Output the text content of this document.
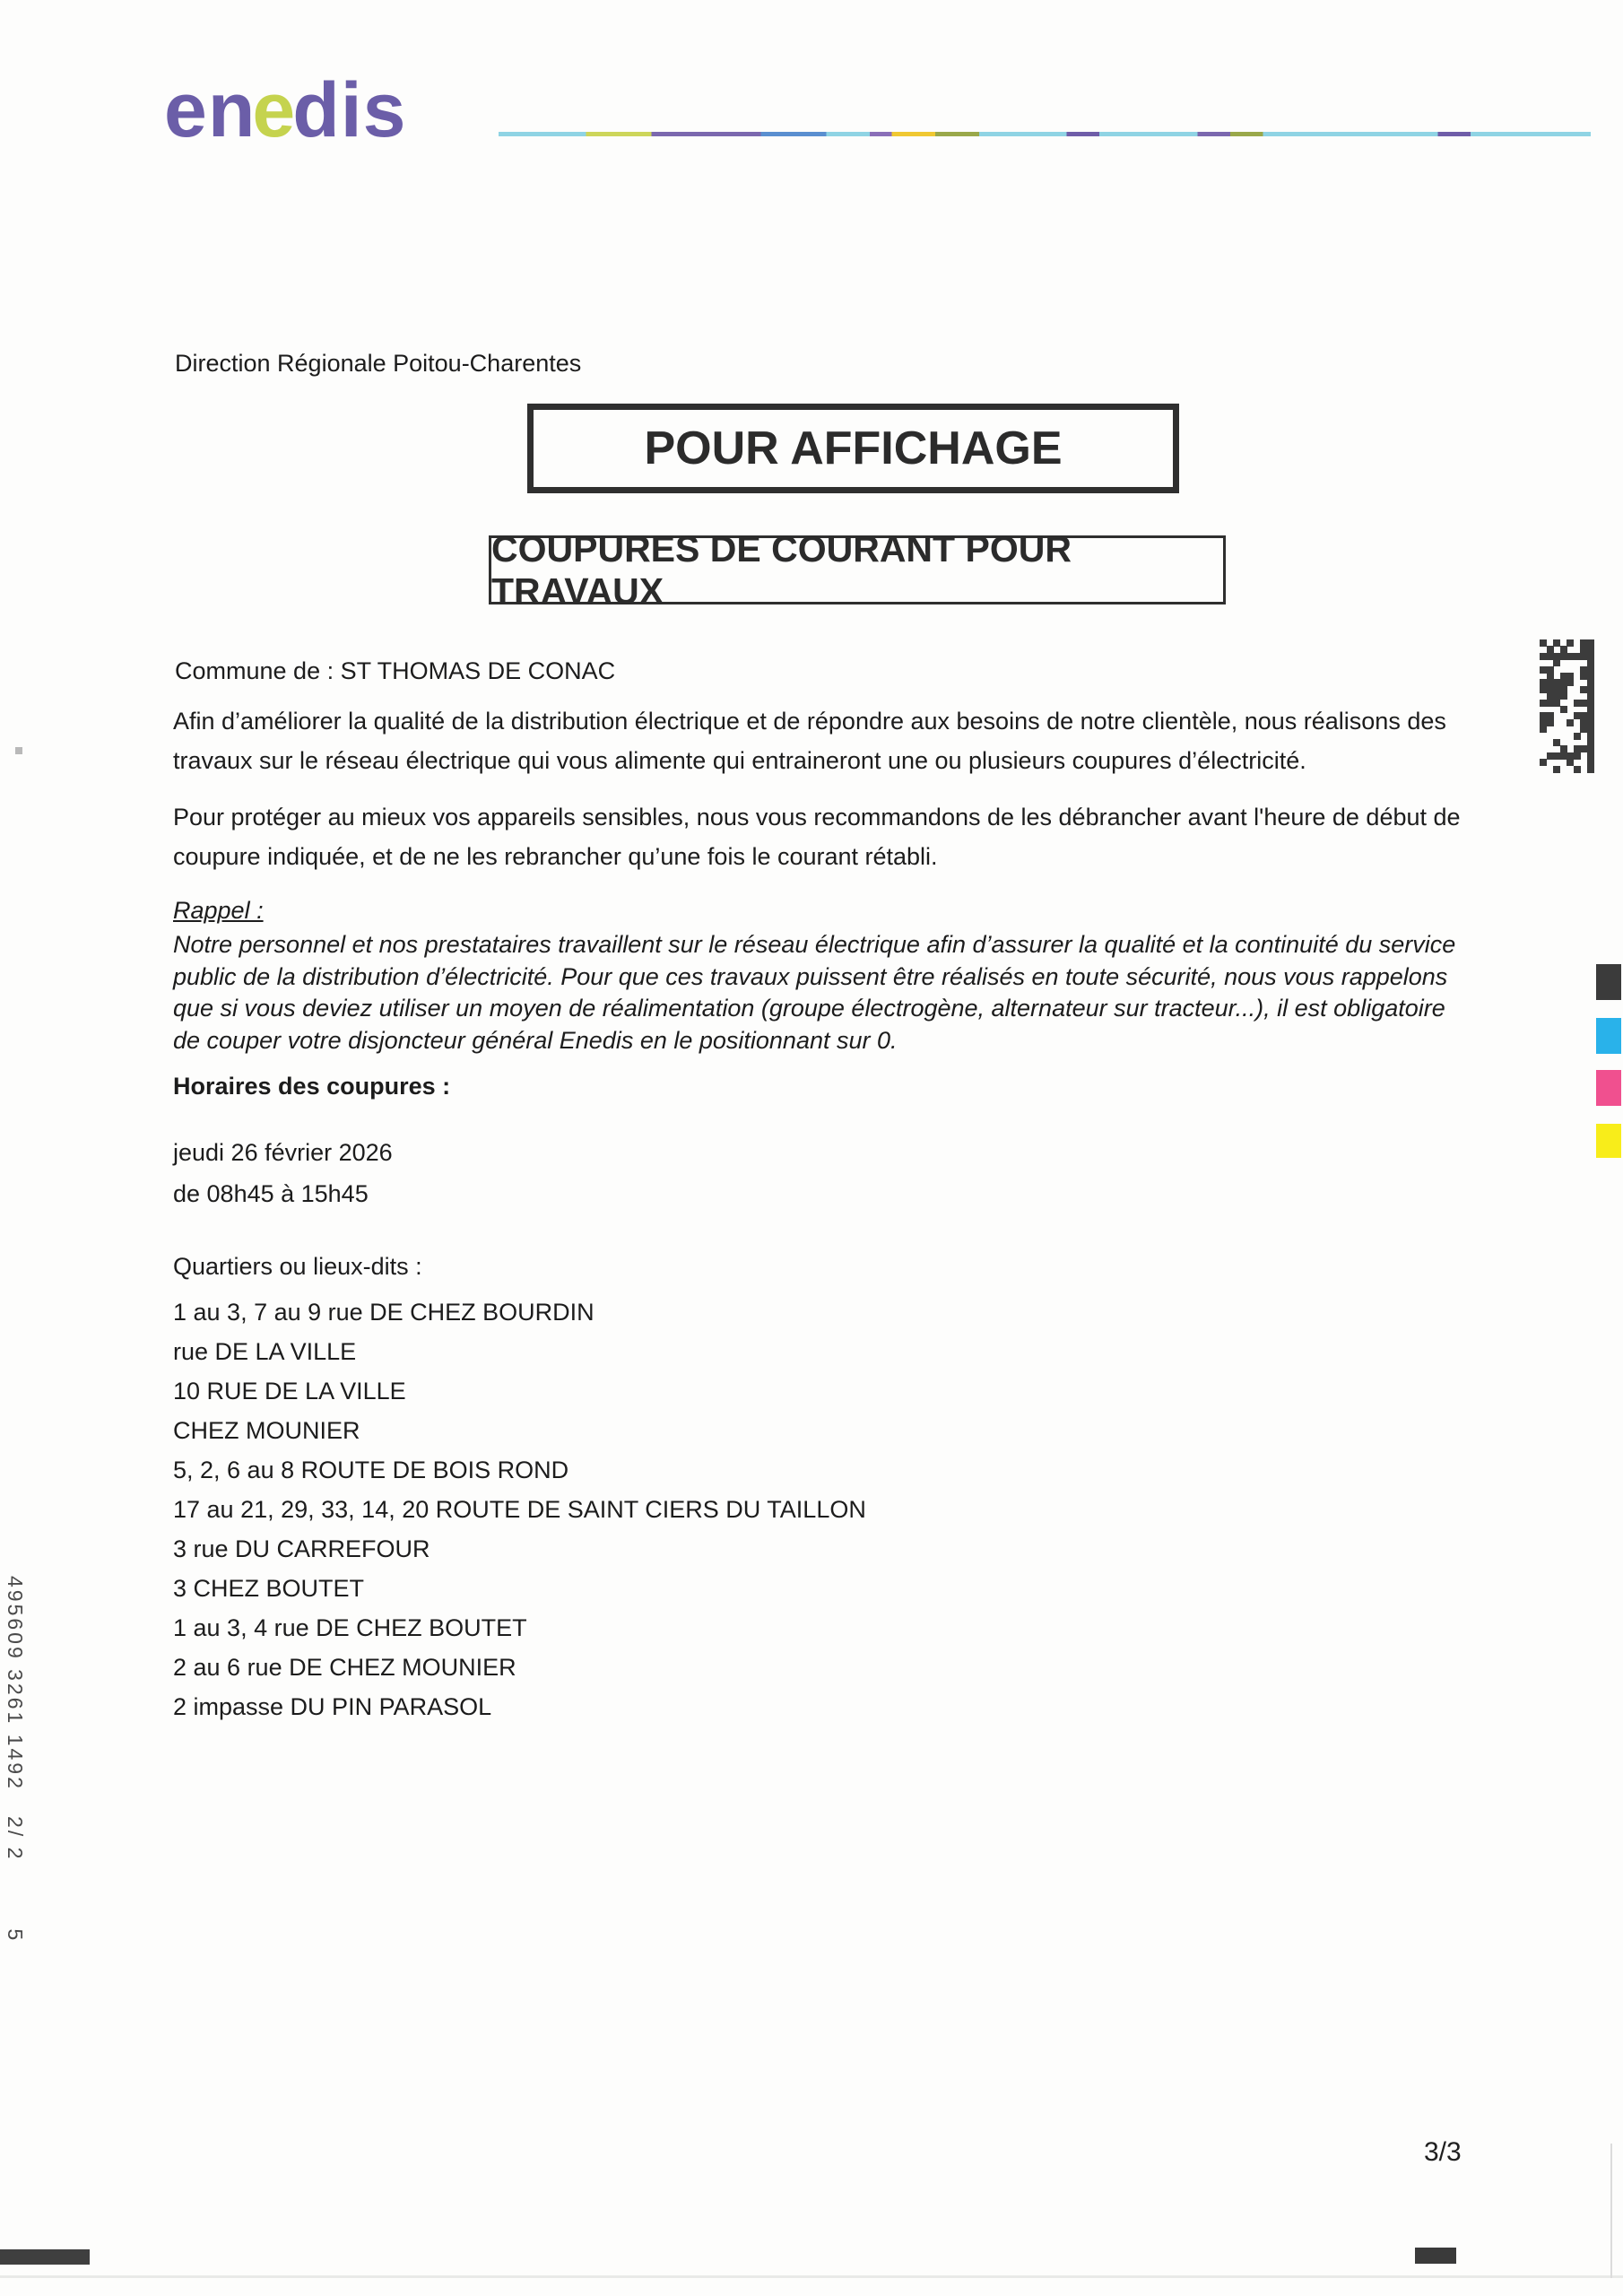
enedis
Direction Régionale Poitou-Charentes
POUR AFFICHAGE
COUPURES DE COURANT POUR TRAVAUX
Commune de : ST THOMAS DE CONAC
Afin d’améliorer la qualité de la distribution électrique et de répondre aux besoins de notre clientèle, nous réalisons des travaux sur le réseau électrique qui vous alimente qui entraineront une ou plusieurs coupures d’électricité.
Pour protéger au mieux vos appareils sensibles, nous vous recommandons de les débrancher avant l'heure de début de coupure indiquée, et de ne les rebrancher qu’une fois le courant rétabli.
Rappel :
Notre personnel et nos prestataires travaillent sur le réseau électrique afin d’assurer la qualité et la continuité du service public de la distribution d’électricité. Pour que ces travaux puissent être réalisés en toute sécurité, nous vous rappelons que si vous deviez utiliser un moyen de réalimentation (groupe électrogène, alternateur sur tracteur...), il est obligatoire de couper votre disjoncteur général Enedis en le positionnant sur 0.
Horaires des coupures :
jeudi 26 février 2026
de 08h45 à 15h45
Quartiers ou lieux-dits :
1 au 3, 7 au 9 rue DE CHEZ BOURDIN
rue DE LA VILLE
10 RUE DE LA VILLE
CHEZ MOUNIER
5, 2, 6 au 8 ROUTE DE BOIS ROND
17 au 21, 29, 33, 14, 20 ROUTE DE SAINT CIERS DU TAILLON
3 rue DU CARREFOUR
3 CHEZ BOUTET
1 au 3, 4 rue DE CHEZ BOUTET
2 au 6 rue DE CHEZ MOUNIER
2 impasse DU PIN PARASOL
495609 3261 1492   2/ 2        5
3/3
